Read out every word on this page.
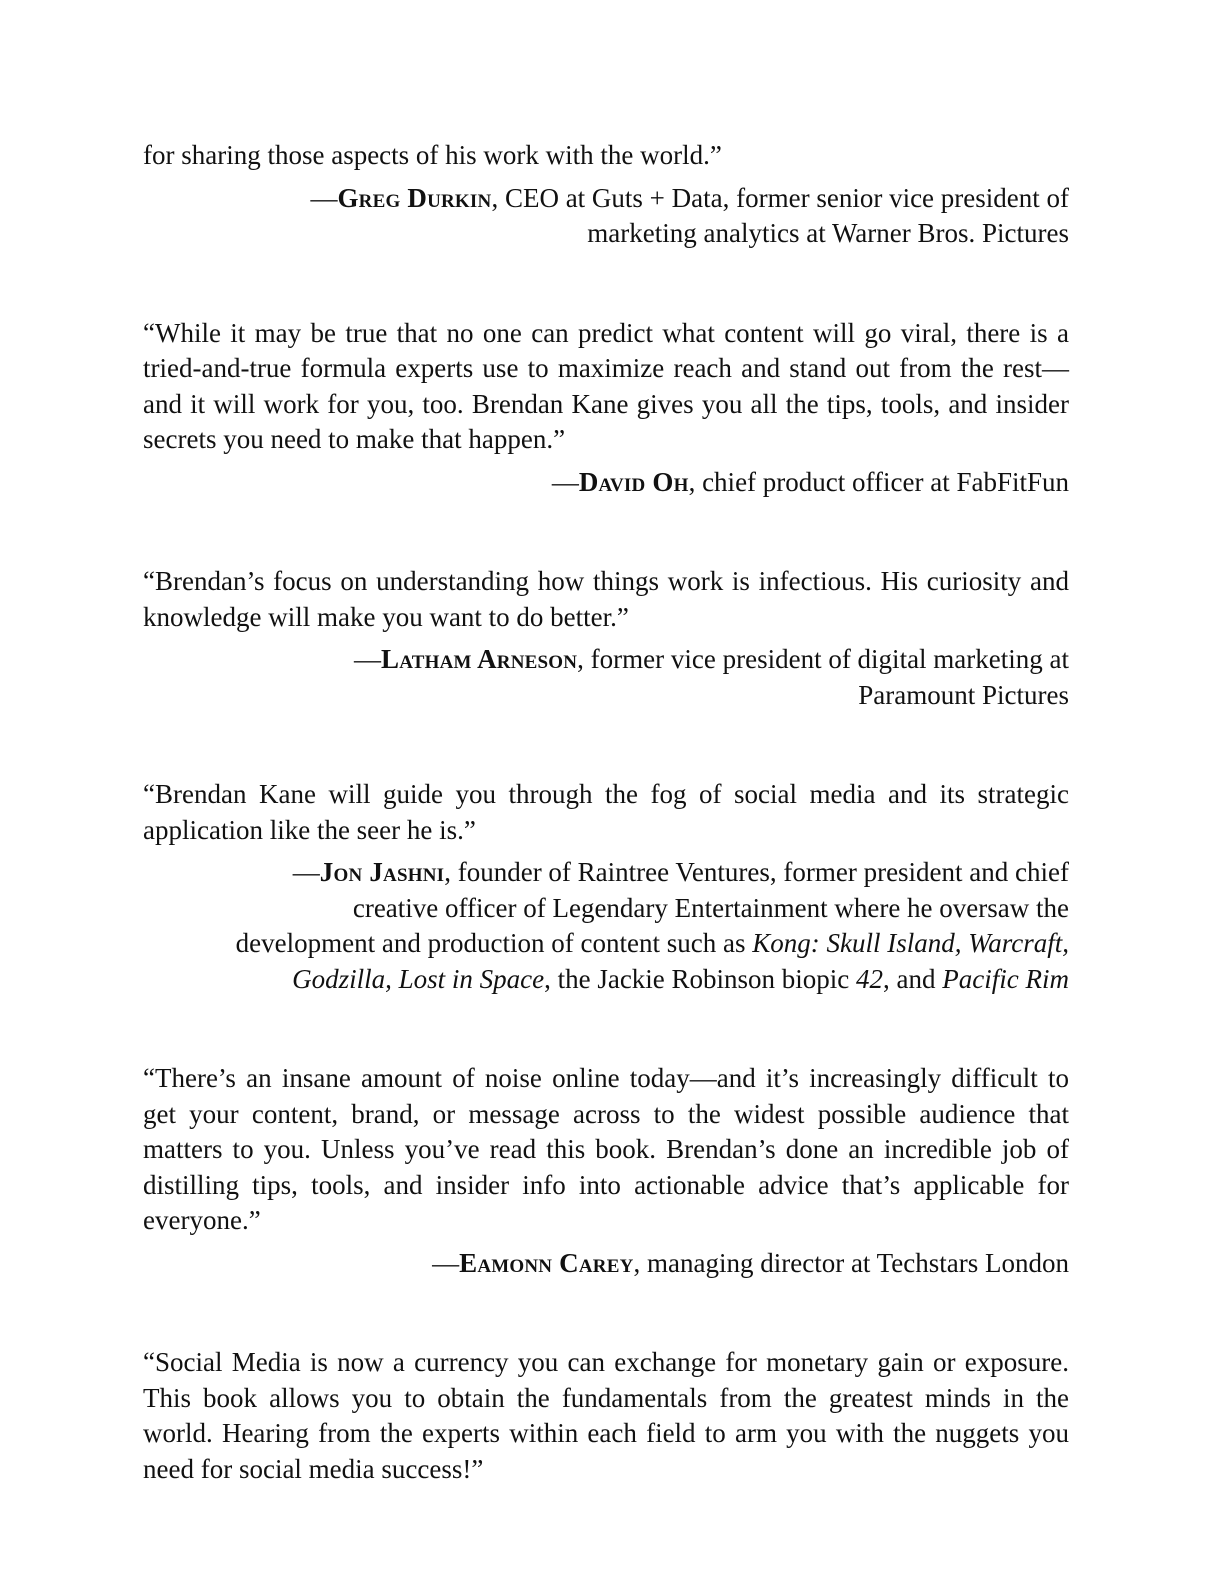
for sharing those aspects of his work with the world.”

—Greg Durkin, CEO at Guts + Data, former senior vice president of
marketing analytics at Warner Bros. Pictures

“While it may be true that no one can predict what content will go viral, there is a tried-and-true formula experts use to maximize reach and stand out from the rest—and it will work for you, too. Brendan Kane gives you all the tips, tools, and insider secrets you need to make that happen.”

—David Oh, chief product officer at FabFitFun

“Brendan’s focus on understanding how things work is infectious. His curiosity and knowledge will make you want to do better.”

—Latham Arneson, former vice president of digital marketing at
Paramount Pictures

“Brendan Kane will guide you through the fog of social media and its strategic application like the seer he is.”

—Jon Jashni, founder of Raintree Ventures, former president and chief
creative officer of Legendary Entertainment where he oversaw the
development and production of content such as Kong: Skull Island, Warcraft,
Godzilla, Lost in Space, the Jackie Robinson biopic 42, and Pacific Rim

“There’s an insane amount of noise online today—and it’s increasingly difficult to get your content, brand, or message across to the widest possible audience that matters to you. Unless you’ve read this book. Brendan’s done an incredible job of distilling tips, tools, and insider info into actionable advice that’s applicable for everyone.”

—Eamonn Carey, managing director at Techstars London

“Social Media is now a currency you can exchange for monetary gain or exposure. This book allows you to obtain the fundamentals from the greatest minds in the world. Hearing from the experts within each field to arm you with the nuggets you need for social media success!”
